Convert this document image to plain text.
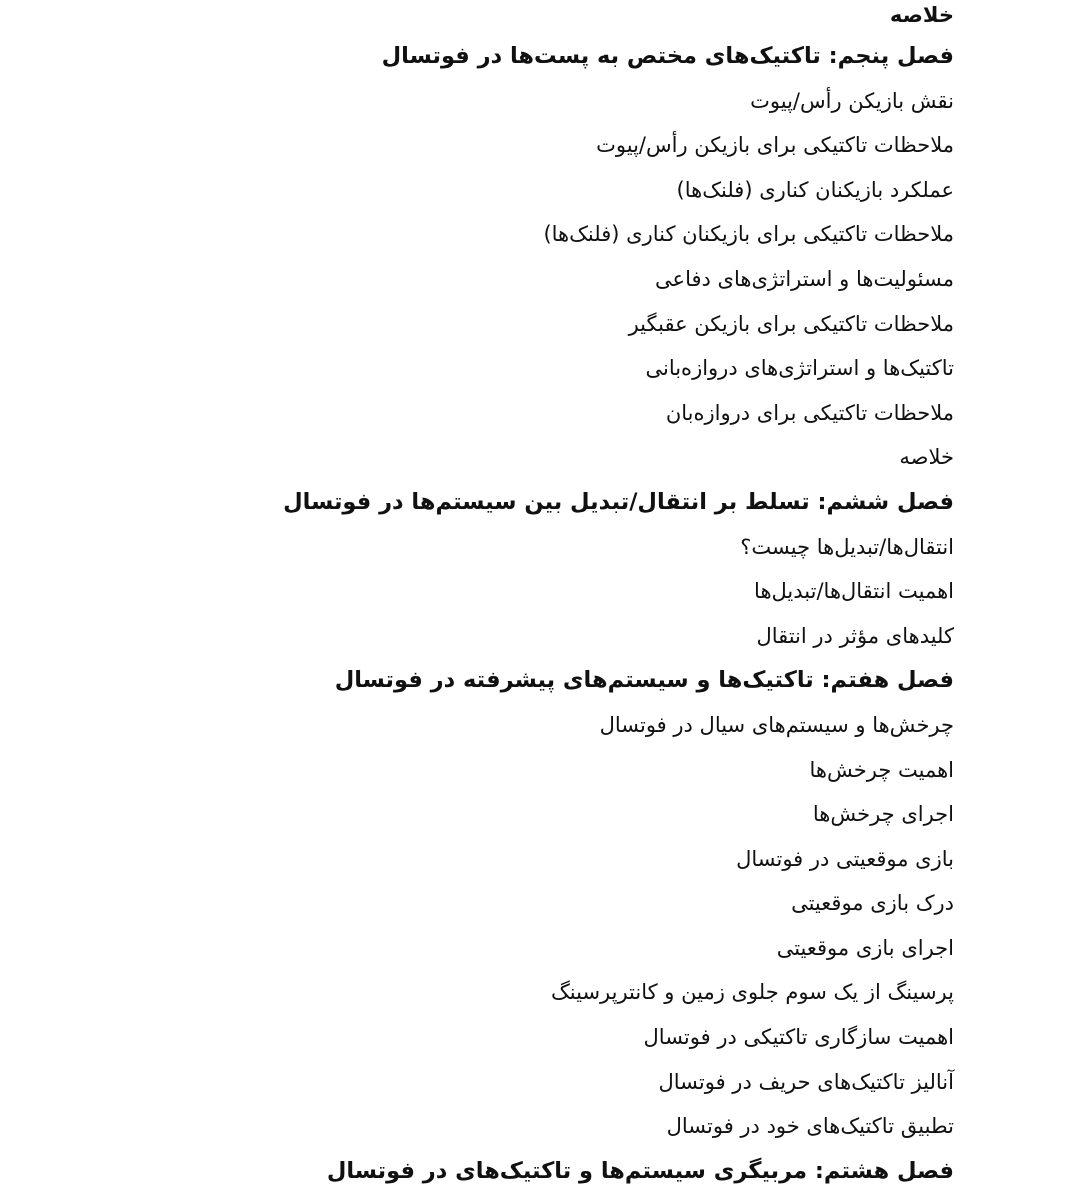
خلاصه
فصل پنجم: تاکتیک‌های مختص به پست‌ها در فوتسال
نقش بازیکن رأس/پیوت
ملاحظات تاکتیکی برای بازیکن رأس/پیوت
عملکرد بازیکنان کناری (فلنک‌ها)
ملاحظات تاکتیکی برای بازیکنان کناری (فلنک‌ها)
مسئولیت‌ها و استراتژی‌های دفاعی
ملاحظات تاکتیکی برای بازیکن عقبگیر
تاکتیک‌ها و استراتژی‌های دروازه‌بانی
ملاحظات تاکتیکی برای دروازه‌بان
خلاصه
فصل ششم: تسلط بر انتقال/تبدیل بین سیستم‌ها در فوتسال
انتقال‌ها/تبدیل‌ها چیست؟
اهمیت انتقال‌ها/تبدیل‌ها
کلیدهای مؤثر در انتقال
فصل هفتم: تاکتیک‌ها و سیستم‌های پیشرفته در فوتسال
چرخش‌ها و سیستم‌های سیال در فوتسال
اهمیت چرخش‌ها
اجرای چرخش‌ها
بازی موقعیتی در فوتسال
درک بازی موقعیتی
اجرای بازی موقعیتی
پرسینگ از یک سوم جلوی زمین و کانترپرسینگ
اهمیت سازگاری تاکتیکی در فوتسال
آنالیز تاکتیک‌های حریف در فوتسال
تطبیق تاکتیک‌های خود در فوتسال
فصل هشتم: مربیگری سیستم‌ها و تاکتیک‌های در فوتسال
